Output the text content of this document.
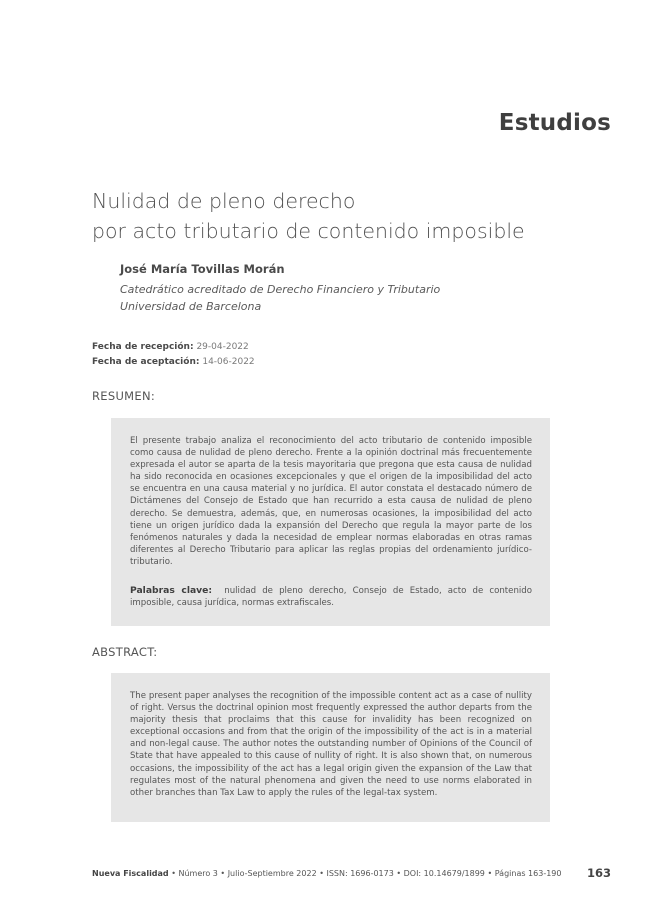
Estudios
Nulidad de pleno derecho
por acto tributario de contenido imposible
José María Tovillas Morán
Catedrático acreditado de Derecho Financiero y Tributario
Universidad de Barcelona
Fecha de recepción: 29-04-2022
Fecha de aceptación: 14-06-2022
RESUMEN:

El presente trabajo analiza el reconocimiento del acto tributario de contenido imposible como causa de nulidad de pleno derecho. Frente a la opinión doctrinal más frecuentemente expresada el autor se aparta de la tesis mayoritaria que pregona que esta causa de nulidad ha sido reconocida en ocasiones excepcionales y que el origen de la imposibilidad del acto se encuentra en una causa material y no jurídica. El autor constata el destacado número de Dictámenes del Consejo de Estado que han recurrido a esta causa de nulidad de pleno derecho. Se demuestra, además, que, en numerosas ocasiones, la imposibilidad del acto tiene un origen jurídico dada la expansión del Derecho que regula la mayor parte de los fenómenos naturales y dada la necesidad de emplear normas elaboradas en otras ramas diferentes al Derecho Tributario para aplicar las reglas propias del ordenamiento jurídico-tributario.

Palabras clave: nulidad de pleno derecho, Consejo de Estado, acto de contenido imposible, causa jurídica, normas extrafiscales.

ABSTRACT:

The present paper analyses the recognition of the impossible content act as a case of nullity of right. Versus the doctrinal opinion most frequently expressed the author departs from the majority thesis that proclaims that this cause for invalidity has been recognized on exceptional occasions and from that the origin of the impossibility of the act is in a material and non-legal cause. The author notes the outstanding number of Opinions of the Council of State that have appealed to this cause of nullity of right. It is also shown that, on numerous occasions, the impossibility of the act has a legal origin given the expansion of the Law that regulates most of the natural phenomena and given the need to use norms elaborated in other branches than Tax Law to apply the rules of the legal-tax system.

Nueva Fiscalidad • Número 3 • Julio-Septiembre 2022 • ISSN: 1696-0173 • DOI: 10.14679/1899 • Páginas 163-190 163
